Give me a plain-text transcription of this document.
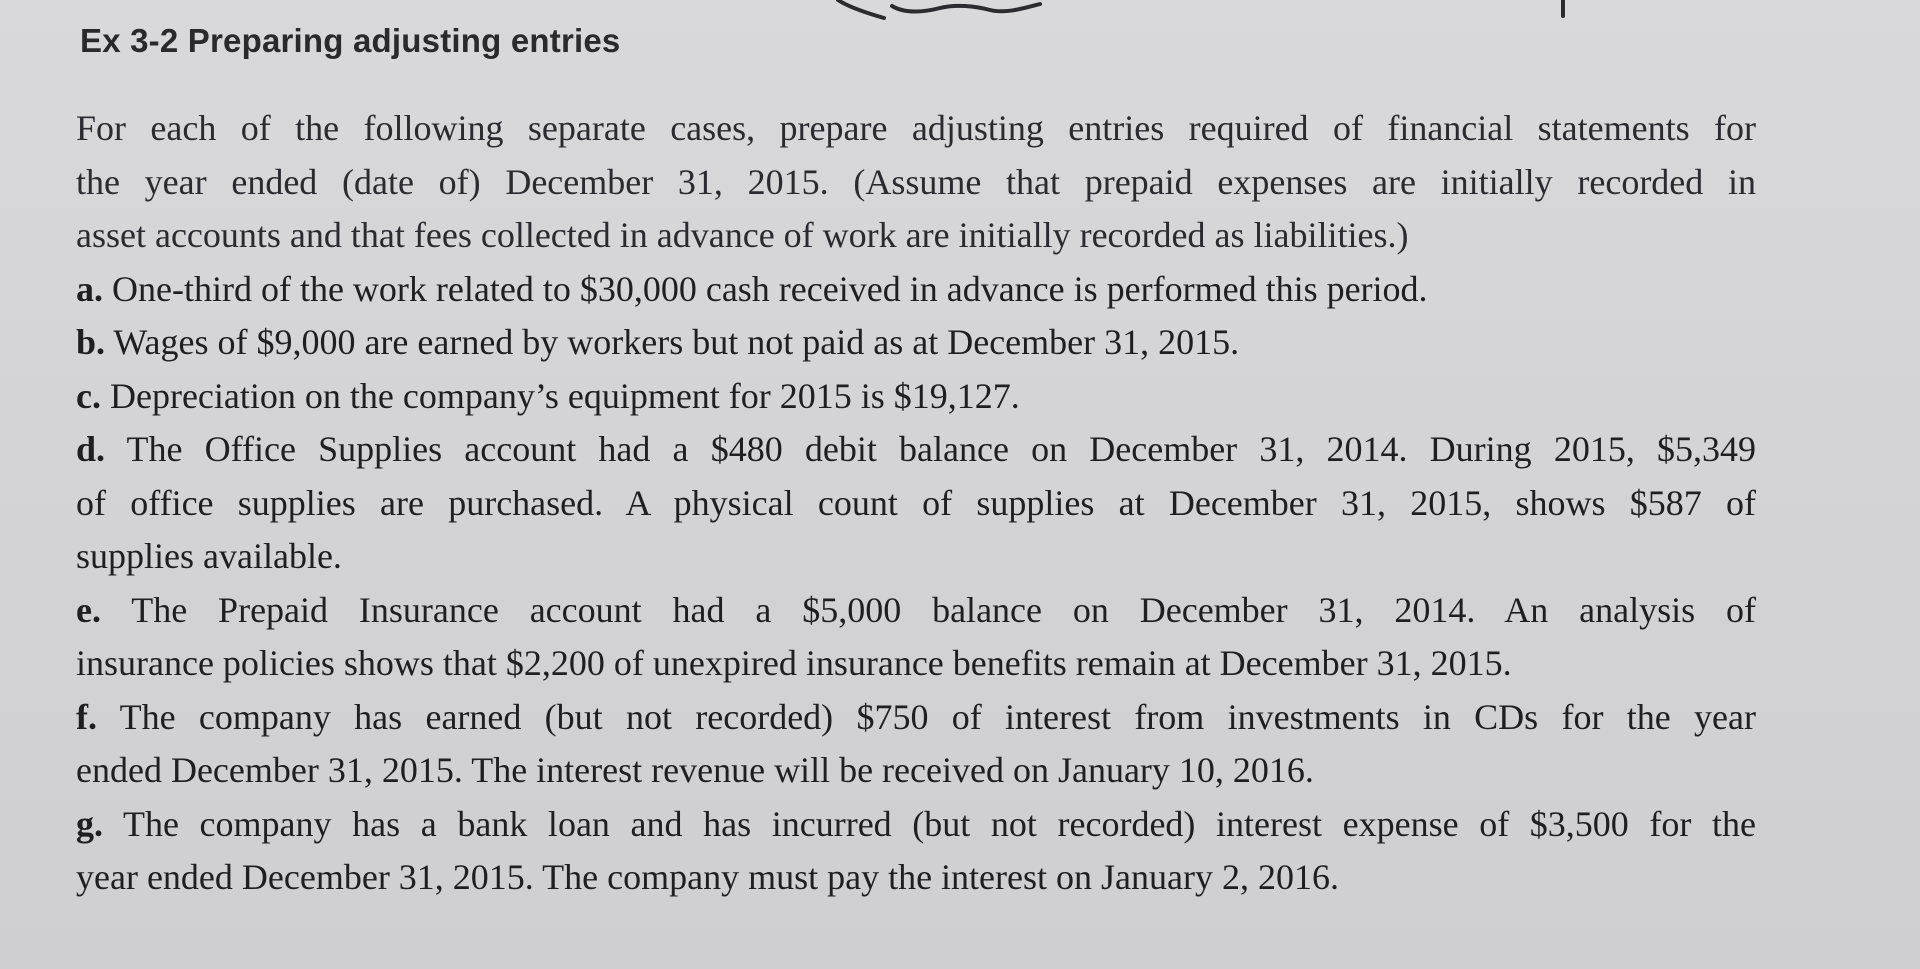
Ex 3-2 Preparing adjusting entries
For each of the following separate cases, prepare adjusting entries required of financial statements for
the year ended (date of) December 31, 2015. (Assume that prepaid expenses are initially recorded in
asset accounts and that fees collected in advance of work are initially recorded as liabilities.)
a. One-third of the work related to $30,000 cash received in advance is performed this period.
b. Wages of $9,000 are earned by workers but not paid as at December 31, 2015.
c. Depreciation on the company’s equipment for 2015 is $19,127.
d. The Office Supplies account had a $480 debit balance on December 31, 2014. During 2015, $5,349
of office supplies are purchased. A physical count of supplies at December 31, 2015, shows $587 of
supplies available.
e. The Prepaid Insurance account had a $5,000 balance on December 31, 2014. An analysis of
insurance policies shows that $2,200 of unexpired insurance benefits remain at December 31, 2015.
f. The company has earned (but not recorded) $750 of interest from investments in CDs for the year
ended December 31, 2015. The interest revenue will be received on January 10, 2016.
g. The company has a bank loan and has incurred (but not recorded) interest expense of $3,500 for the
year ended December 31, 2015. The company must pay the interest on January 2, 2016.
